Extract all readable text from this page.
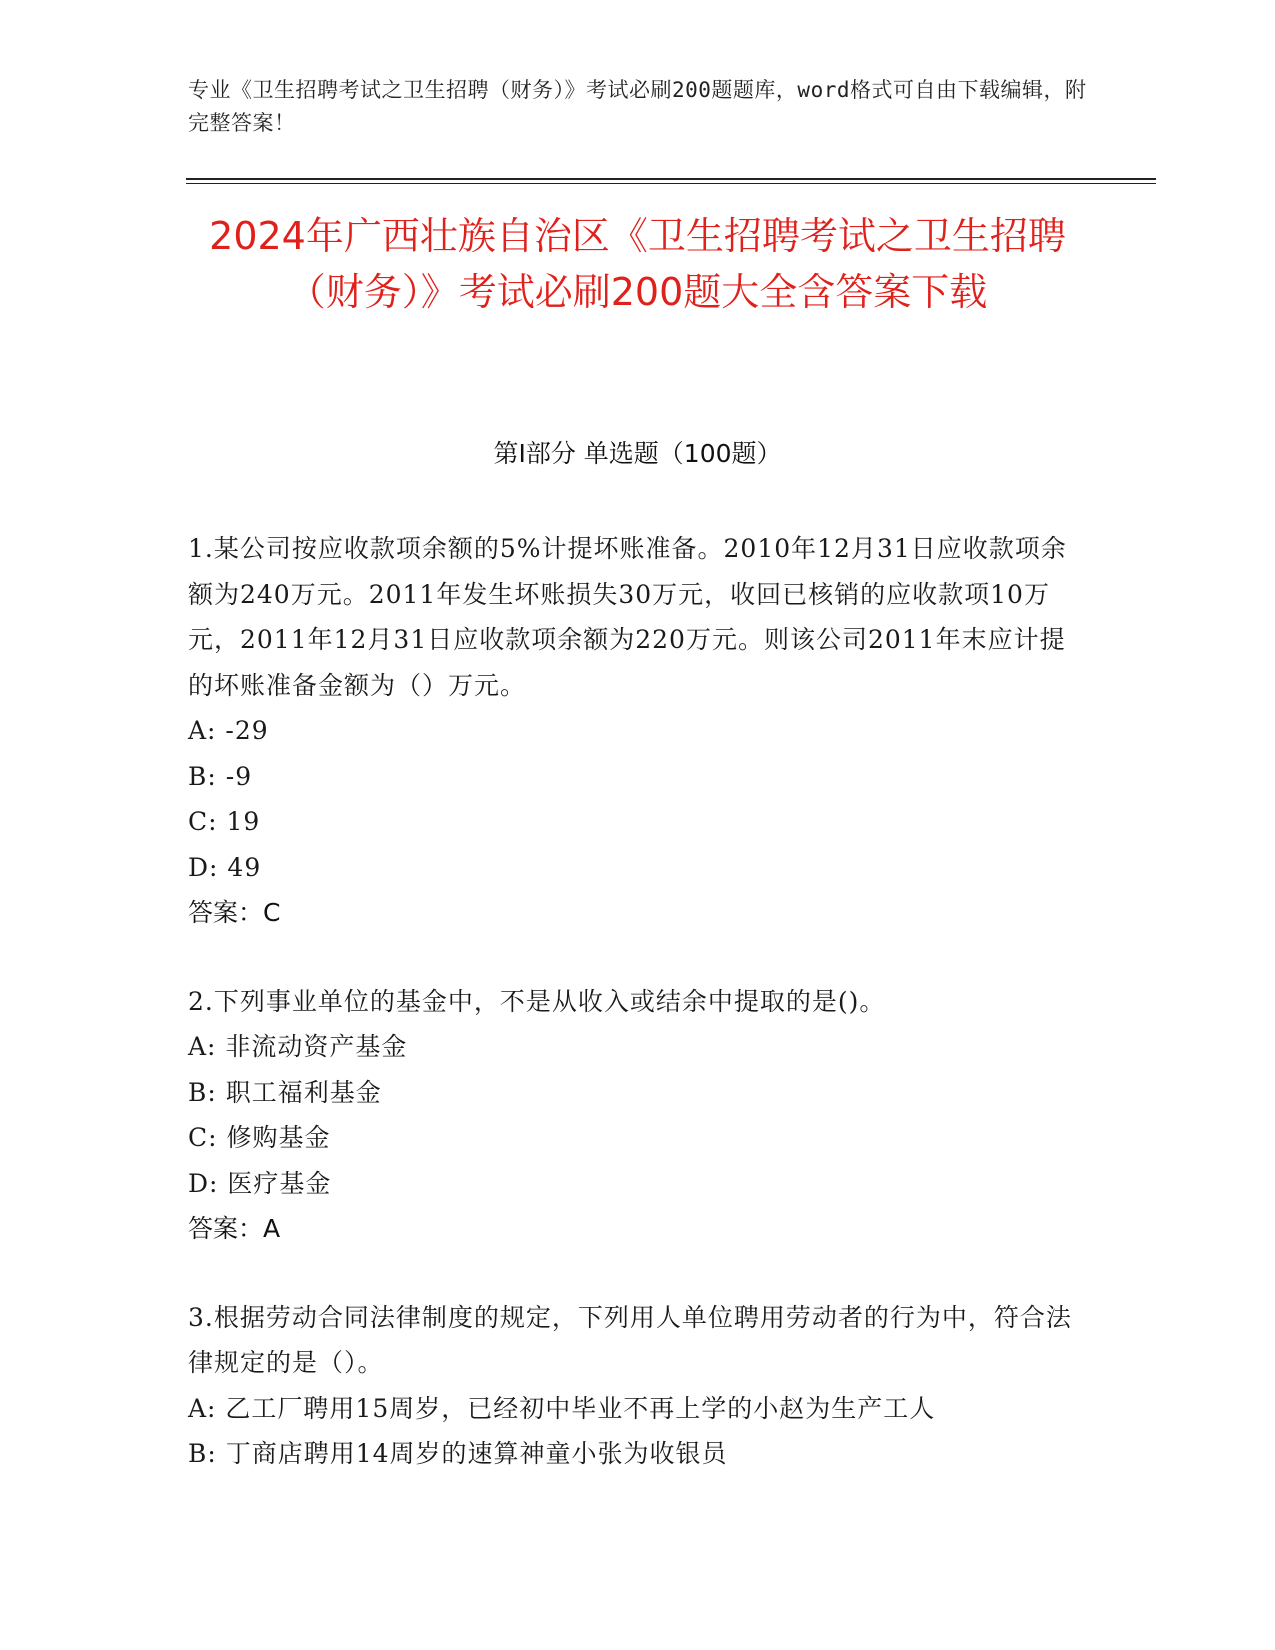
专业《卫生招聘考试之卫生招聘（财务）》考试必刷200题题库，word格式可自由下载编辑，附完整答案！
2024年广西壮族自治区《卫生招聘考试之卫生招聘（财务）》考试必刷200题大全含答案下载
第I部分 单选题（100题）

1.某公司按应收款项余额的5%计提坏账准备。2010年12月31日应收款项余额为240万元。2011年发生坏账损失30万元，收回已核销的应收款项10万元，2011年12月31日应收款项余额为220万元。则该公司2011年末应计提的坏账准备金额为（）万元。

A: -29

B: -9

C: 19

D: 49

答案：C

2.下列事业单位的基金中，不是从收入或结余中提取的是()。

A: 非流动资产基金

B: 职工福利基金

C: 修购基金

D: 医疗基金

答案：A

3.根据劳动合同法律制度的规定，下列用人单位聘用劳动者的行为中，符合法律规定的是（）。

A: 乙工厂聘用15周岁，已经初中毕业不再上学的小赵为生产工人

B: 丁商店聘用14周岁的速算神童小张为收银员
